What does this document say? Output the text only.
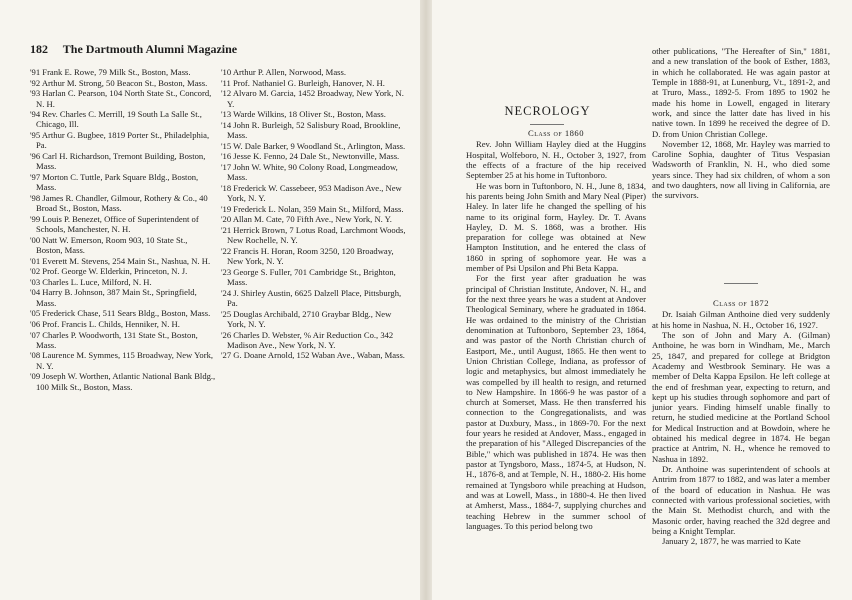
182 The Dartmouth Alumni Magazine

'91 Frank E. Rowe, 79 Milk St., Boston, Mass.

'92 Arthur M. Strong, 50 Beacon St., Boston, Mass.

'93 Harlan C. Pearson, 104 North State St., Concord, N. H.

'94 Rev. Charles C. Merrill, 19 South La Salle St., Chicago, Ill.

'95 Arthur G. Bugbee, 1819 Porter St., Philadelphia, Pa.

'96 Carl H. Richardson, Tremont Building, Boston, Mass.

'97 Morton C. Tuttle, Park Square Bldg., Boston, Mass.

'98 James R. Chandler, Gilmour, Rothery & Co., 40 Broad St., Boston, Mass.

'99 Louis P. Benezet, Office of Superintendent of Schools, Manchester, N. H.

'00 Natt W. Emerson, Room 903, 10 State St., Boston, Mass.

'01 Everett M. Stevens, 254 Main St., Nashua, N. H.

'02 Prof. George W. Elderkin, Princeton, N. J.

'03 Charles L. Luce, Milford, N. H.

'04 Harry B. Johnson, 387 Main St., Springfield, Mass.

'05 Frederick Chase, 511 Sears Bldg., Boston, Mass.

'06 Prof. Francis L. Childs, Henniker, N. H.

'07 Charles P. Woodworth, 131 State St., Boston, Mass.

'08 Laurence M. Symmes, 115 Broadway, New York, N. Y.

'09 Joseph W. Worthen, Atlantic National Bank Bldg., 100 Milk St., Boston, Mass.

'10 Arthur P. Allen, Norwood, Mass.

'11 Prof. Nathaniel G. Burleigh, Hanover, N. H.

'12 Alvaro M. Garcia, 1452 Broadway, New York, N. Y.

'13 Warde Wilkins, 18 Oliver St., Boston, Mass.

'14 John R. Burleigh, 52 Salisbury Road, Brookline, Mass.

'15 W. Dale Barker, 9 Woodland St., Arlington, Mass.

'16 Jesse K. Fenno, 24 Dale St., Newtonville, Mass.

'17 John W. White, 90 Colony Road, Longmeadow, Mass.

'18 Frederick W. Cassebeer, 953 Madison Ave., New York, N. Y.

'19 Frederick L. Nolan, 359 Main St., Milford, Mass.

'20 Allan M. Cate, 70 Fifth Ave., New York, N. Y.

'21 Herrick Brown, 7 Lotus Road, Larchmont Woods, New Rochelle, N. Y.

'22 Francis H. Horan, Room 3250, 120 Broadway, New York, N. Y.

'23 George S. Fuller, 701 Cambridge St., Brighton, Mass.

'24 J. Shirley Austin, 6625 Dalzell Place, Pittsburgh, Pa.

'25 Douglas Archibald, 2710 Graybar Bldg., New York, N. Y.

'26 Charles D. Webster, % Air Reduction Co., 342 Madison Ave., New York, N. Y.

'27 G. Doane Arnold, 152 Waban Ave., Waban, Mass.

NECROLOGY

Class of 1860

Rev. John William Hayley died at the Huggins Hospital, Wolfeboro, N. H., October 3, 1927, from the effects of a fracture of the hip received September 25 at his home in Tuftonboro.

He was born in Tuftonboro, N. H., June 8, 1834, his parents being John Smith and Mary Neal (Piper) Haley. In later life he changed the spelling of his name to its original form, Hayley. Dr. T. Avans Hayley, D. M. S. 1868, was a brother. His preparation for college was obtained at New Hampton Institution, and he entered the class of 1860 in spring of sophomore year. He was a member of Psi Upsilon and Phi Beta Kappa.

For the first year after graduation he was principal of Christian Institute, Andover, N. H., and for the next three years he was a student at Andover Theological Seminary, where he graduated in 1864. He was ordained to the ministry of the Christian denomination at Tuftonboro, September 23, 1864, and was pastor of the North Christian church of Eastport, Me., until August, 1865. He then went to Union Christian College, Indiana, as professor of logic and metaphysics, but almost immediately he was compelled by ill health to resign, and returned to New Hampshire. In 1866-9 he was pastor of a church at Somerset, Mass. He then transferred his connection to the Congregationalists, and was pastor at Duxbury, Mass., in 1869-70. For the next four years he resided at Andover, Mass., engaged in the preparation of his "Alleged Discrepancies of the Bible," which was published in 1874. He was then pastor at Tyngsboro, Mass., 1874-5, at Hudson, N. H., 1876-8, and at Temple, N. H., 1880-2. His home remained at Tyngsboro while preaching at Hudson, and was at Lowell, Mass., in 1880-4. He then lived at Amherst, Mass., 1884-7, supplying churches and teaching Hebrew in the summer school of languages. To this period belong two

other publications, "The Hereafter of Sin," 1881, and a new translation of the book of Esther, 1883, in which he collaborated. He was again pastor at Temple in 1888-91, at Lunenburg, Vt., 1891-2, and at Truro, Mass., 1892-5. From 1895 to 1902 he made his home in Lowell, engaged in literary work, and since the latter date has lived in his native town. In 1899 he received the degree of D. D. from Union Christian College.

November 12, 1868, Mr. Hayley was married to Caroline Sophia, daughter of Titus Vespasian Wadsworth of Franklin, N. H., who died some years since. They had six children, of whom a son and two daughters, now all living in California, are the survivors.

Class of 1872

Dr. Isaiah Gilman Anthoine died very suddenly at his home in Nashua, N. H., October 16, 1927.

The son of John and Mary A. (Gilman) Anthoine, he was born in Windham, Me., March 25, 1847, and prepared for college at Bridgton Academy and Westbrook Seminary. He was a member of Delta Kappa Epsilon. He left college at the end of freshman year, expecting to return, and kept up his studies through sophomore and part of junior years. Finding himself unable finally to return, he studied medicine at the Portland School for Medical Instruction and at Bowdoin, where he obtained his medical degree in 1874. He began practice at Antrim, N. H., whence he removed to Nashua in 1892.

Dr. Anthoine was superintendent of schools at Antrim from 1877 to 1882, and was later a member of the board of education in Nashua. He was connected with various professional societies, with the Main St. Methodist church, and with the Masonic order, having reached the 32d degree and being a Knight Templar.

January 2, 1877, he was married to Kate
